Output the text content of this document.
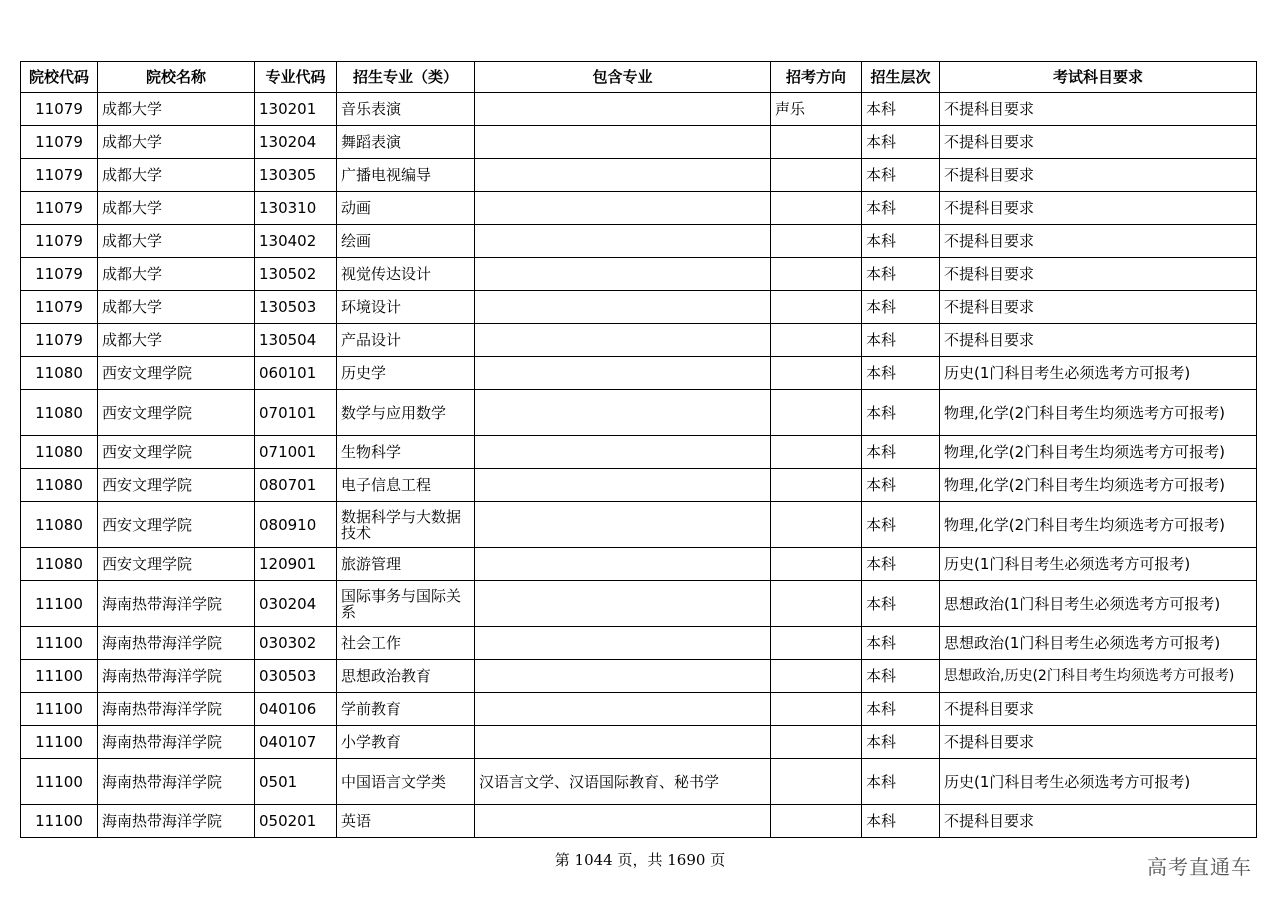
院校代码	院校名称	专业代码	招生专业（类）	包含专业	招考方向	招生层次	考试科目要求
11079	成都大学	130201	音乐表演		声乐	本科	不提科目要求
11079	成都大学	130204	舞蹈表演			本科	不提科目要求
11079	成都大学	130305	广播电视编导			本科	不提科目要求
11079	成都大学	130310	动画			本科	不提科目要求
11079	成都大学	130402	绘画			本科	不提科目要求
11079	成都大学	130502	视觉传达设计			本科	不提科目要求
11079	成都大学	130503	环境设计			本科	不提科目要求
11079	成都大学	130504	产品设计			本科	不提科目要求
11080	西安文理学院	060101	历史学			本科	历史(1门科目考生必须选考方可报考)
11080	西安文理学院	070101	数学与应用数学			本科	物理,化学(2门科目考生均须选考方可报考)
11080	西安文理学院	071001	生物科学			本科	物理,化学(2门科目考生均须选考方可报考)
11080	西安文理学院	080701	电子信息工程			本科	物理,化学(2门科目考生均须选考方可报考)
11080	西安文理学院	080910	数据科学与大数据技术			本科	物理,化学(2门科目考生均须选考方可报考)
11080	西安文理学院	120901	旅游管理			本科	历史(1门科目考生必须选考方可报考)
11100	海南热带海洋学院	030204	国际事务与国际关系			本科	思想政治(1门科目考生必须选考方可报考)
11100	海南热带海洋学院	030302	社会工作			本科	思想政治(1门科目考生必须选考方可报考)
11100	海南热带海洋学院	030503	思想政治教育			本科	思想政治,历史(2门科目考生均须选考方可报考)
11100	海南热带海洋学院	040106	学前教育			本科	不提科目要求
11100	海南热带海洋学院	040107	小学教育			本科	不提科目要求
11100	海南热带海洋学院	0501	中国语言文学类	汉语言文学、汉语国际教育、秘书学		本科	历史(1门科目考生必须选考方可报考)
11100	海南热带海洋学院	050201	英语			本科	不提科目要求
第 1044 页，共 1690 页	高考直通车
